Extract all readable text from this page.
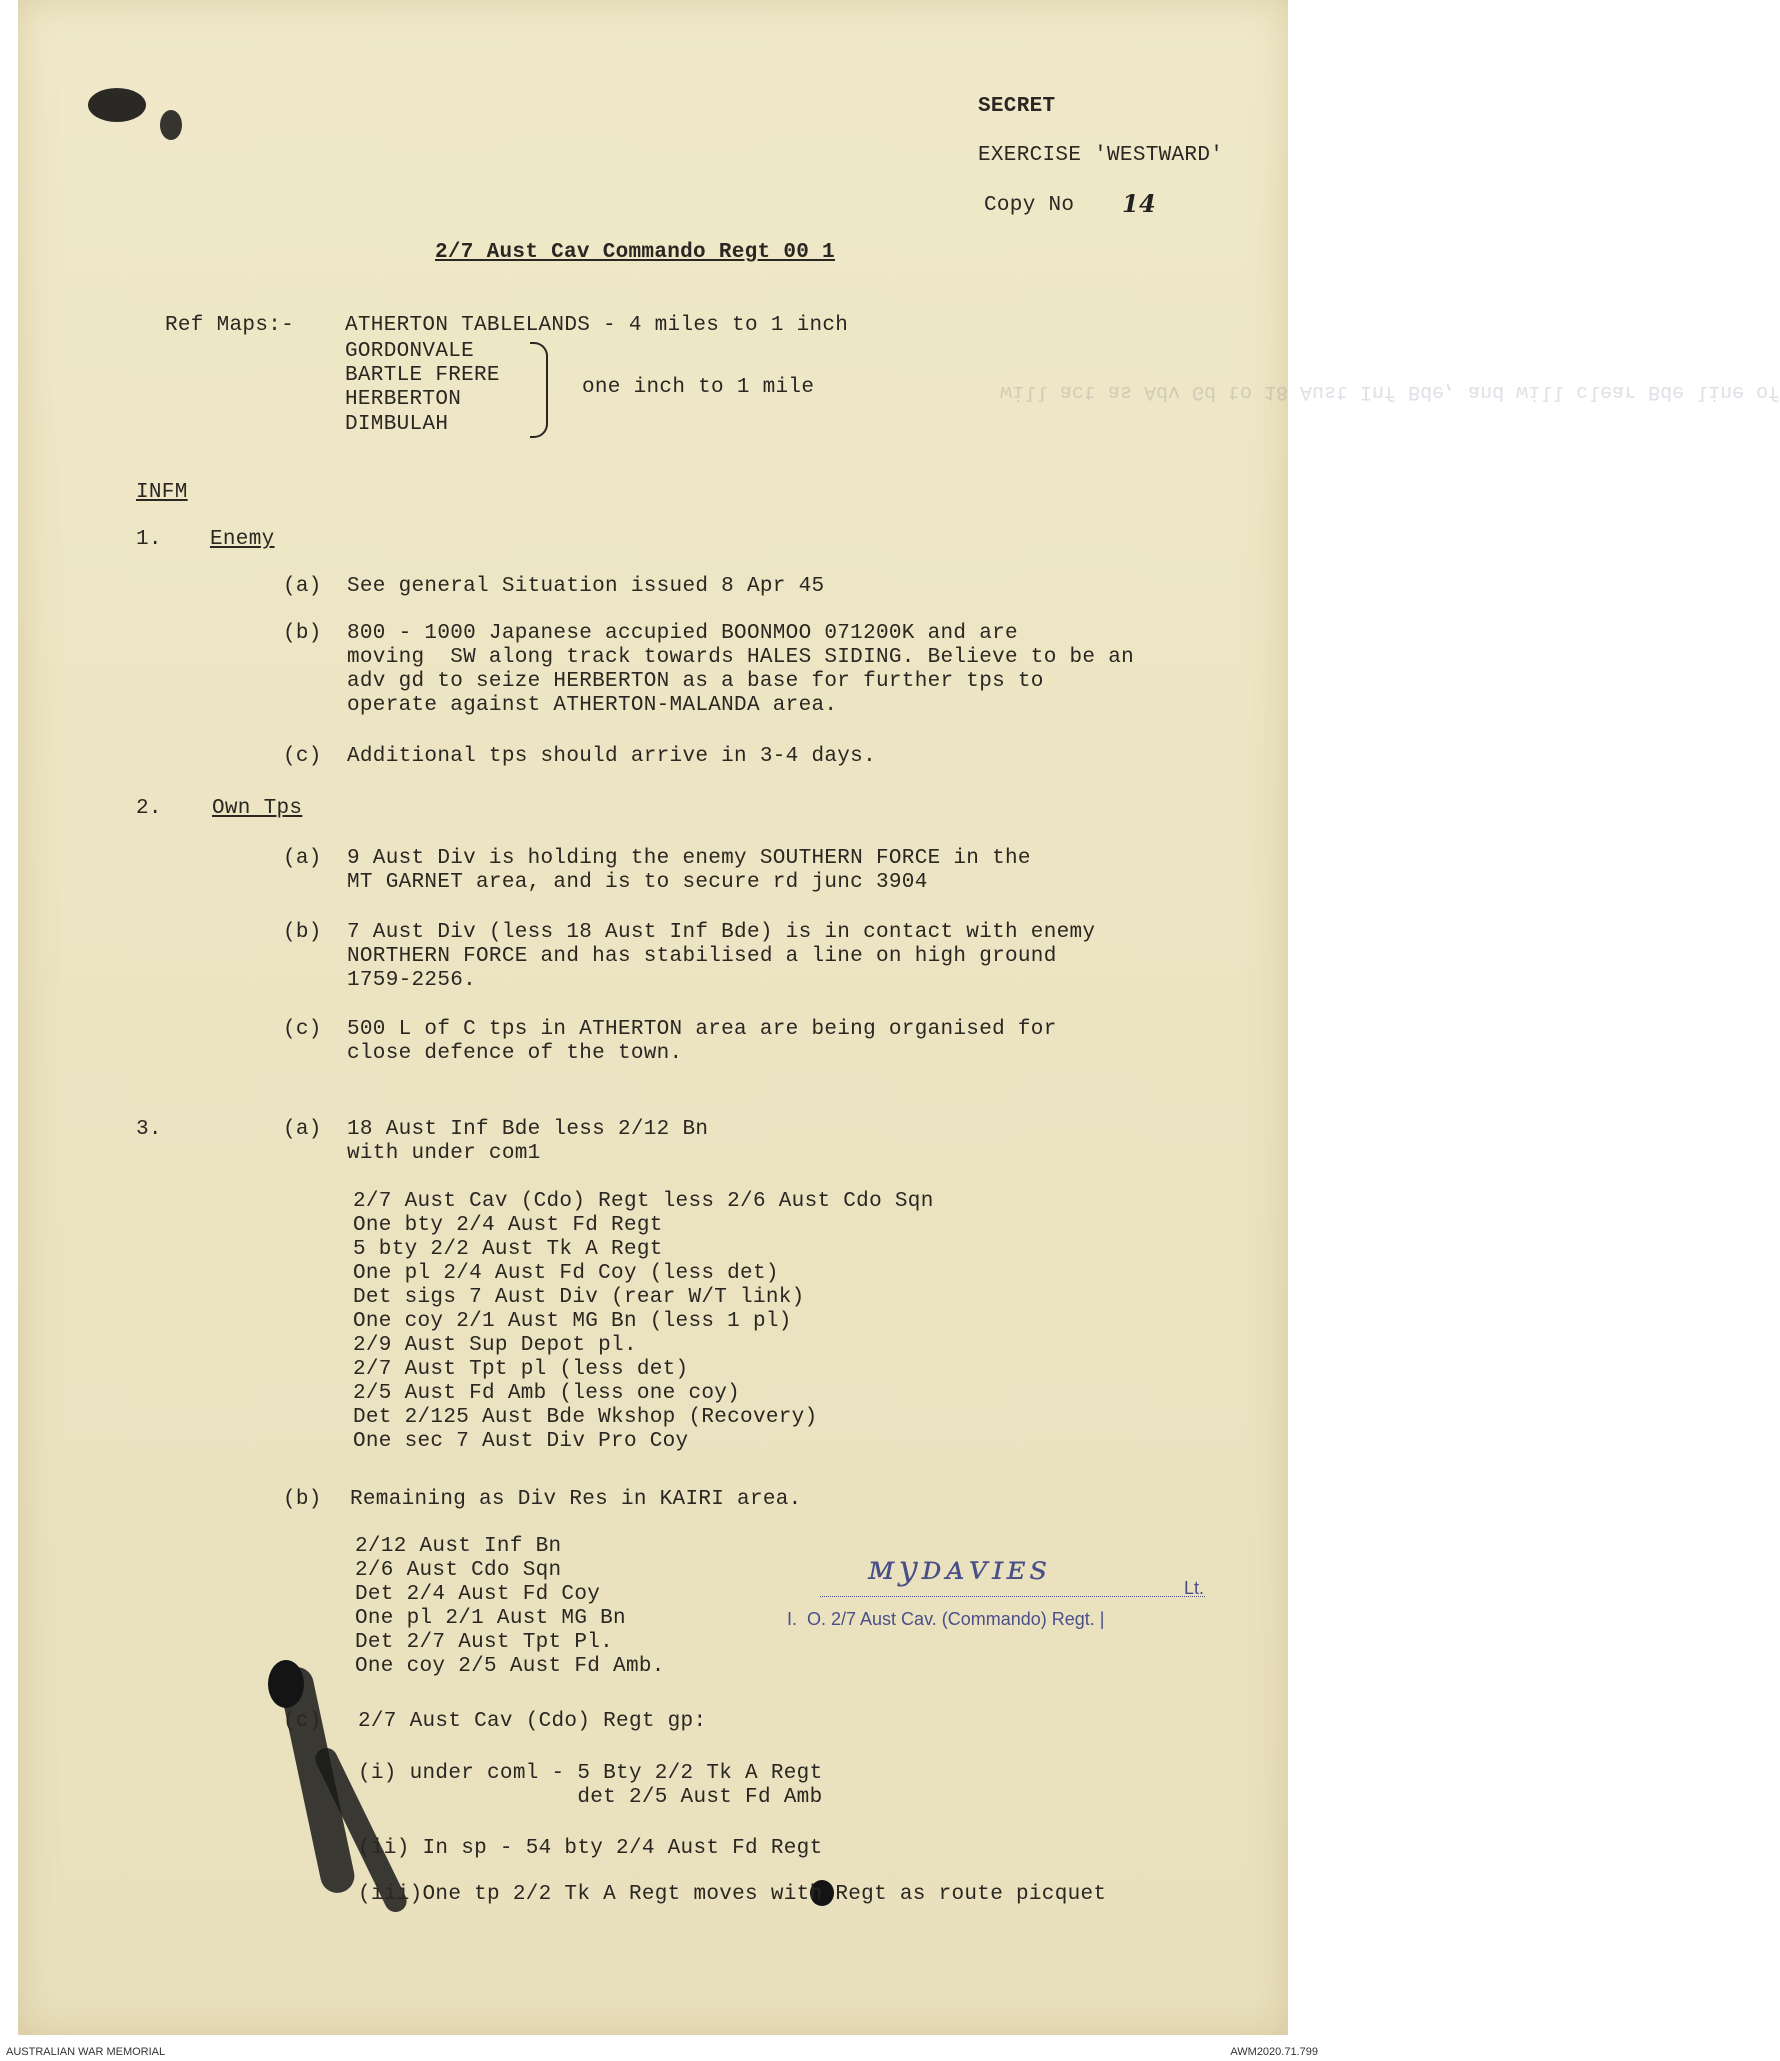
will act as Adv Gd to 18 Aust Inf Bde, and will clear Bde line of
SECRET
EXERCISE 'WESTWARD'
Copy No 14
2/7 Aust Cav Commando Regt 00 1
Ref Maps:- ATHERTON TABLELANDS - 4 miles to 1 inch
GORDONVALE
BARTLE FRERE
HERBERTON
DIMBULAH
one inch to 1 mile
INFM
1. Enemy
(a) See general Situation issued 8 Apr 45
(b) 800 - 1000 Japanese accupied BOONMOO 071200K and are
moving  SW along track towards HALES SIDING. Believe to be an
adv gd to seize HERBERTON as a base for further tps to
operate against ATHERTON-MALANDA area.
(c) Additional tps should arrive in 3-4 days.
2. Own Tps
(a) 9 Aust Div is holding the enemy SOUTHERN FORCE in the
MT GARNET area, and is to secure rd junc 3904
(b) 7 Aust Div (less 18 Aust Inf Bde) is in contact with enemy
NORTHERN FORCE and has stabilised a line on high ground
1759-2256.
(c) 500 L of C tps in ATHERTON area are being organised for
close defence of the town.
3.	(a) 18 Aust Inf Bde less 2/12 Bn
with under com1
2/7 Aust Cav (Cdo) Regt less 2/6 Aust Cdo Sqn
One bty 2/4 Aust Fd Regt
5 bty 2/2 Aust Tk A Regt
One pl 2/4 Aust Fd Coy (less det)
Det sigs 7 Aust Div (rear W/T link)
One coy 2/1 Aust MG Bn (less 1 pl)
2/9 Aust Sup Depot pl.
2/7 Aust Tpt pl (less det)
2/5 Aust Fd Amb (less one coy)
Det 2/125 Aust Bde Wkshop (Recovery)
One sec 7 Aust Div Pro Coy
(b) Remaining as Div Res in KAIRI area.
2/12 Aust Inf Bn
2/6 Aust Cdo Sqn
Det 2/4 Aust Fd Coy
One pl 2/1 Aust MG Bn
Det 2/7 Aust Tpt Pl.
One coy 2/5 Aust Fd Amb.
(c) 2/7 Aust Cav (Cdo) Regt gp:
(i) under coml - 5 Bty 2/2 Tk A Regt
det 2/5 Aust Fd Amb
(ii) In sp - 54 bty 2/4 Aust Fd Regt
(iii)One tp 2/2 Tk A Regt moves with Regt as route picquet
ᴍyᴅᴀᴠɪᴇs	Lt.
I.  O. 2/7 Aust Cav. (Commando) Regt. |
AUSTRALIAN WAR MEMORIAL	AWM2020.71.799
